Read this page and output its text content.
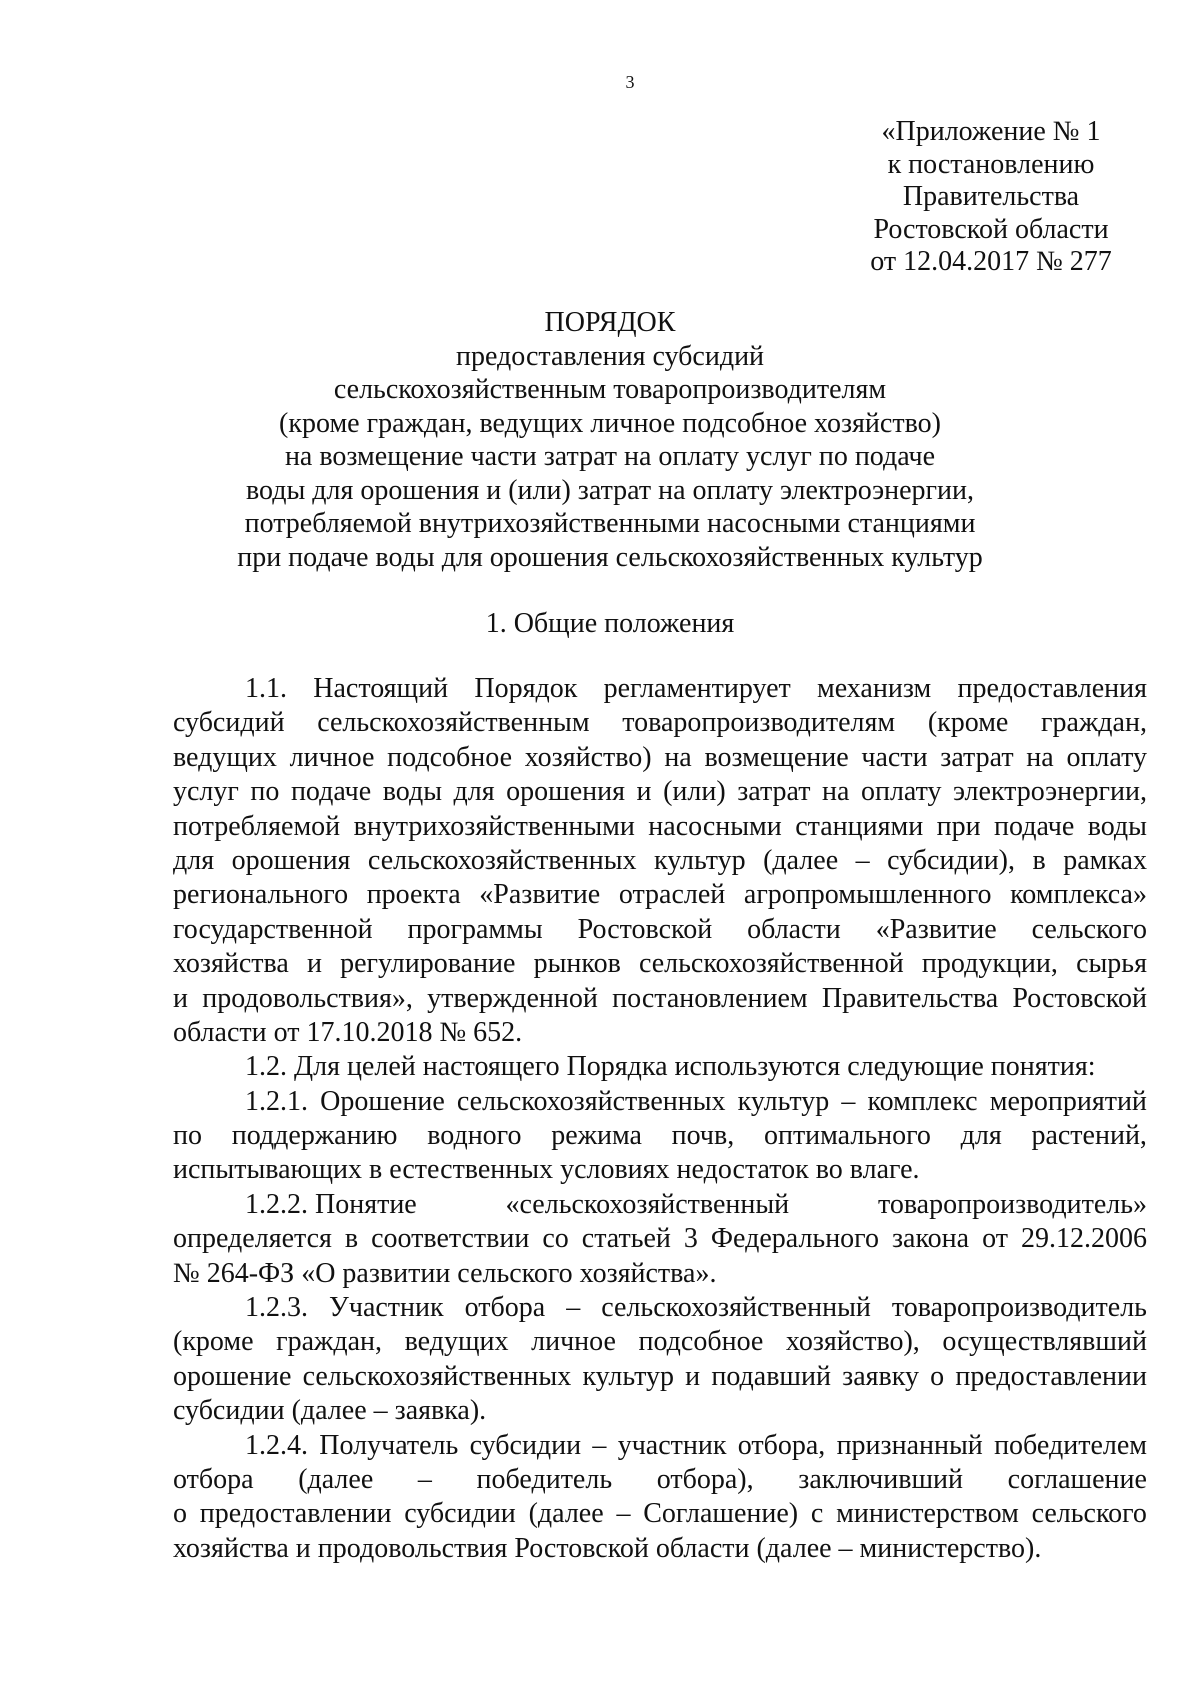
3
«Приложение № 1
к постановлению
Правительства
Ростовской области
от 12.04.2017 № 277
ПОРЯДОК
предоставления субсидий
сельскохозяйственным товаропроизводителям
(кроме граждан, ведущих личное подсобное хозяйство)
на возмещение части затрат на оплату услуг по подаче
воды для орошения и (или) затрат на оплату электроэнергии,
потребляемой внутрихозяйственными насосными станциями
при подаче воды для орошения сельскохозяйственных культур
1. Общие положения
1.1. Настоящий Порядок регламентирует механизм предоставления
субсидий сельскохозяйственным товаропроизводителям (кроме граждан,
ведущих личное подсобное хозяйство) на возмещение части затрат на оплату
услуг по подаче воды для орошения и (или) затрат на оплату электроэнергии,
потребляемой внутрихозяйственными насосными станциями при подаче воды
для орошения сельскохозяйственных культур (далее – субсидии), в рамках
регионального проекта «Развитие отраслей агропромышленного комплекса»
государственной программы Ростовской области «Развитие сельского
хозяйства и регулирование рынков сельскохозяйственной продукции, сырья
и продовольствия», утвержденной постановлением Правительства Ростовской
области от 17.10.2018 № 652.
1.2. Для целей настоящего Порядка используются следующие понятия:
1.2.1. Орошение сельскохозяйственных культур – комплекс мероприятий
по поддержанию водного режима почв, оптимального для растений,
испытывающих в естественных условиях недостаток во влаге.
1.2.2. Понятие	«сельскохозяйственный	товаропроизводитель»
определяется в соответствии со статьей 3 Федерального закона от 29.12.2006
№ 264-ФЗ «О развитии сельского хозяйства».
1.2.3. Участник отбора – сельскохозяйственный товаропроизводитель
(кроме граждан, ведущих личное подсобное хозяйство), осуществлявший
орошение сельскохозяйственных культур и подавший заявку о предоставлении
субсидии (далее – заявка).
1.2.4. Получатель субсидии – участник отбора, признанный победителем
отбора (далее – победитель отбора), заключивший соглашение
о предоставлении субсидии (далее – Соглашение) с министерством сельского
хозяйства и продовольствия Ростовской области (далее – министерство).
